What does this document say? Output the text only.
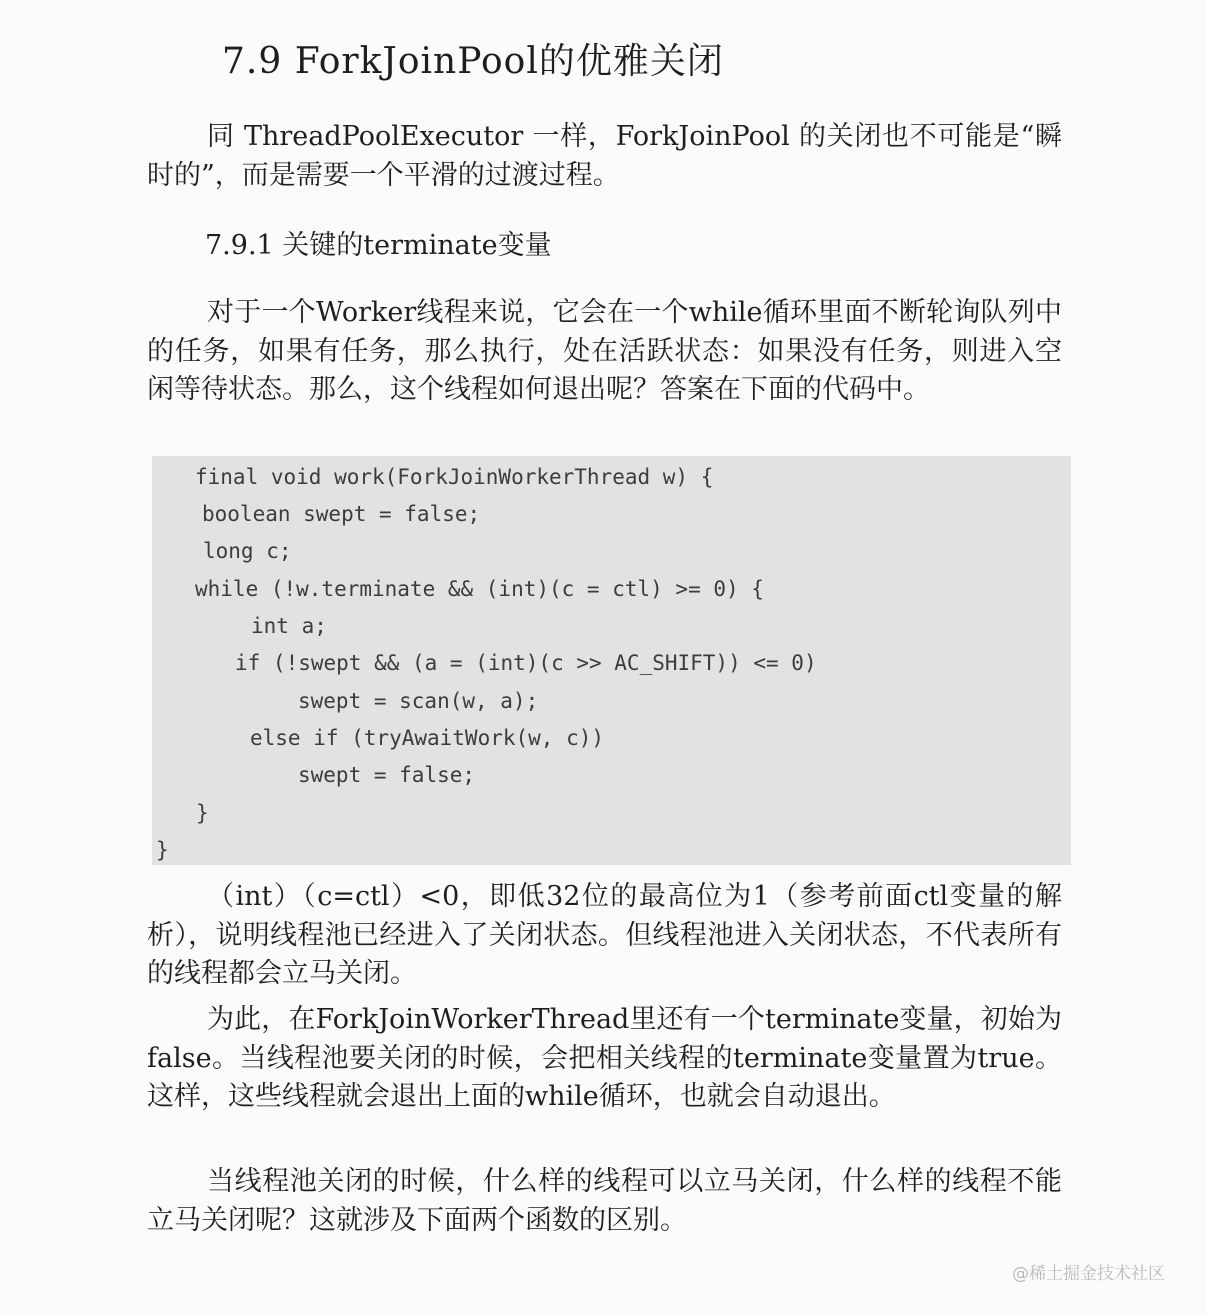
7.9 ForkJoinPool的优雅关闭

同 ThreadPoolExecutor 一样，ForkJoinPool 的关闭也不可能是“瞬时的”，而是需要一个平滑的过渡过程。

7.9.1 关键的terminate变量

对于一个Worker线程来说，它会在一个while循环里面不断轮询队列中的任务，如果有任务，那么执行，处在活跃状态：如果没有任务，则进入空闲等待状态。那么，这个线程如何退出呢？答案在下面的代码中。

final void work(ForkJoinWorkerThread w) {
boolean swept = false;
long c;
while (!w.terminate && (int)(c = ctl) >= 0) {
int a;
if (!swept && (a = (int)(c >> AC_SHIFT)) <= 0)
swept = scan(w, a);
else if (tryAwaitWork(w, c))
swept = false;
}
}

（int）（c=ctl）<0，即低32位的最高位为1（参考前面ctl变量的解析），说明线程池已经进入了关闭状态。但线程池进入关闭状态，不代表所有的线程都会立马关闭。

为此，在ForkJoinWorkerThread里还有一个terminate变量，初始为false。当线程池要关闭的时候，会把相关线程的terminate变量置为true。这样，这些线程就会退出上面的while循环，也就会自动退出。

当线程池关闭的时候，什么样的线程可以立马关闭，什么样的线程不能立马关闭呢？这就涉及下面两个函数的区别。

@稀土掘金技术社区
